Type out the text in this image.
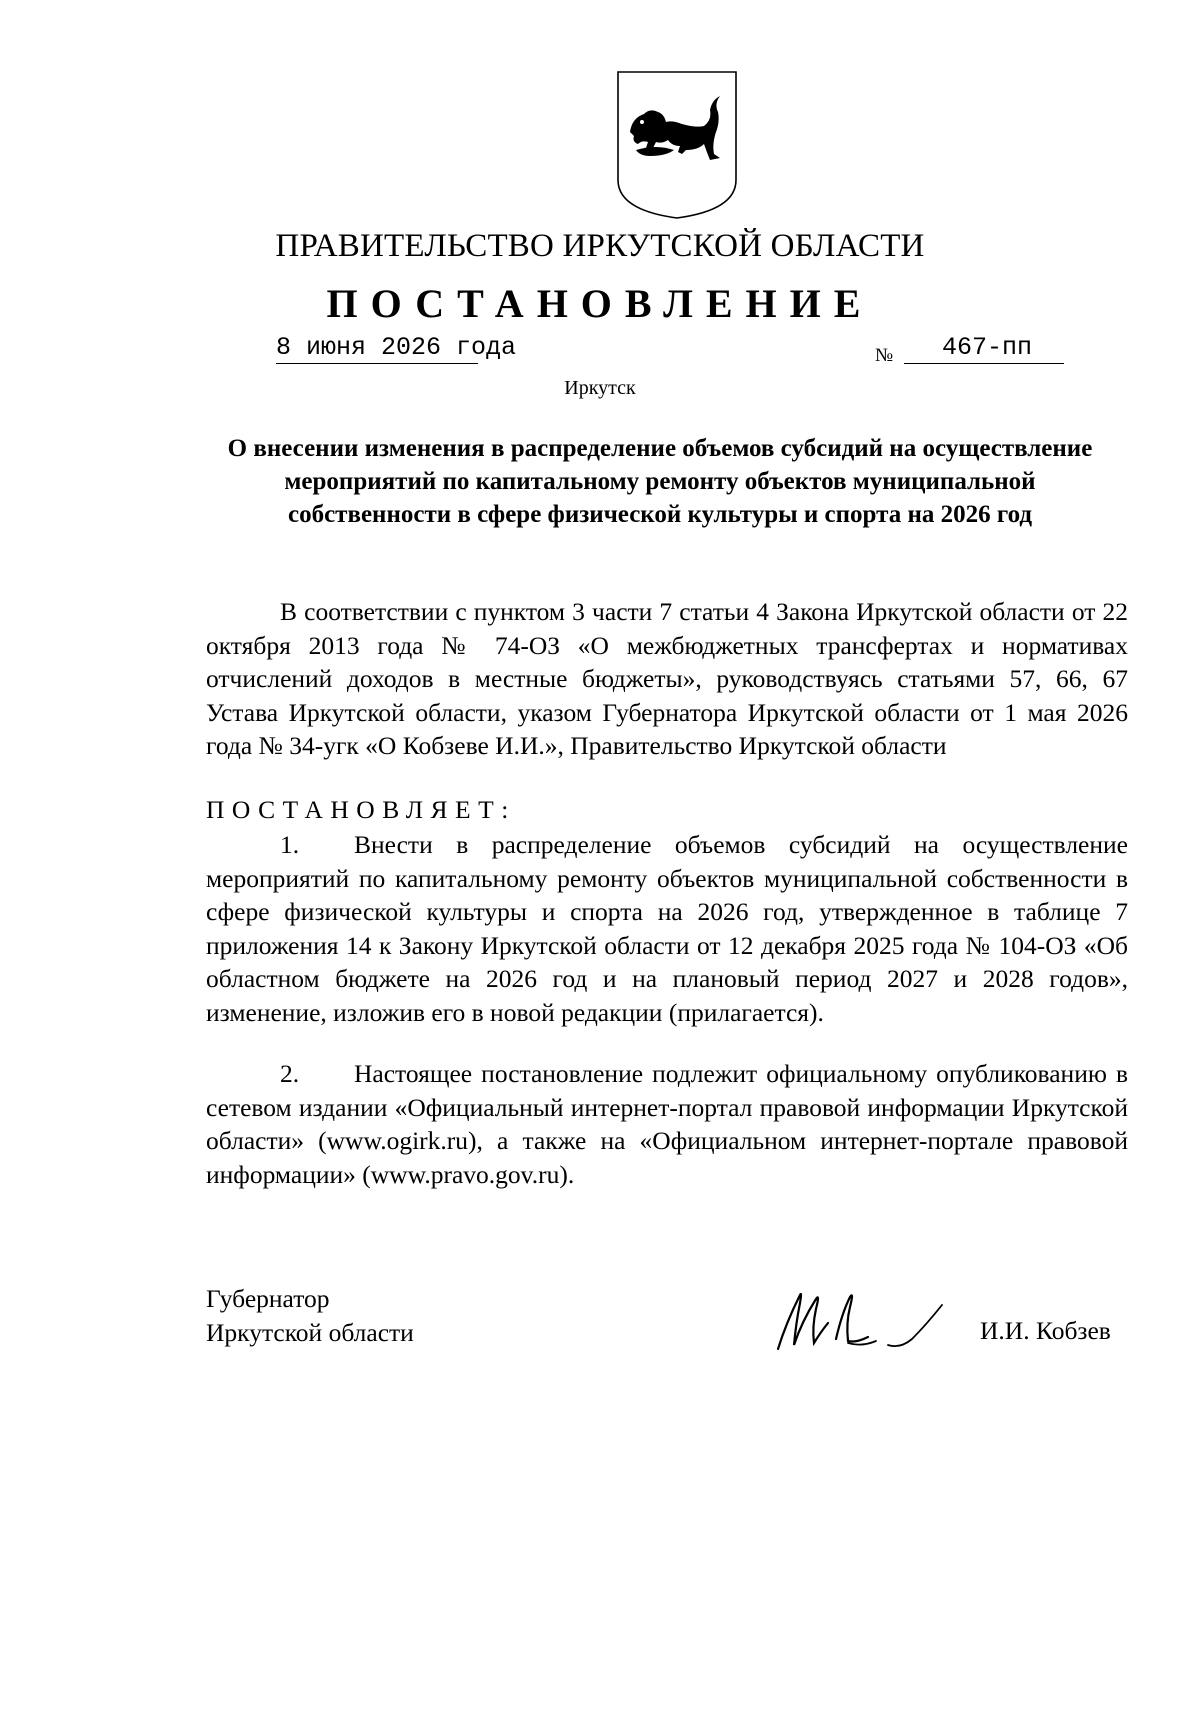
ПРАВИТЕЛЬСТВО ИРКУТСКОЙ ОБЛАСТИ
ПОСТАНОВЛЕНИЕ
8 июня 2026 года	№	467-пп
Иркутск
О внесении изменения в распределение объемов субсидий на осуществление мероприятий по капитальному ремонту объектов муниципальной собственности в сфере физической культуры и спорта на 2026 год

В соответствии с пунктом 3 части 7 статьи 4 Закона Иркутской области от 22 октября 2013 года № 74-ОЗ «О межбюджетных трансфертах и нормативах отчислений доходов в местные бюджеты», руководствуясь статьями 57, 66, 67 Устава Иркутской области, указом Губернатора Иркутской области от 1 мая 2026 года № 34-угк «О Кобзеве И.И.», Правительство Иркутской области

ПОСТАНОВЛЯЕТ:

1. Внести в распределение объемов субсидий на осуществление мероприятий по капитальному ремонту объектов муниципальной собственности в сфере физической культуры и спорта на 2026 год, утвержденное в таблице 7 приложения 14 к Закону Иркутской области от 12 декабря 2025 года № 104-ОЗ «Об областном бюджете на 2026 год и на плановый период 2027 и 2028 годов», изменение, изложив его в новой редакции (прилагается).

2. Настоящее постановление подлежит официальному опубликованию в сетевом издании «Официальный интернет-портал правовой информации Иркутской области» (www.ogirk.ru), а также на «Официальном интернет-портале правовой информации» (www.pravo.gov.ru).

Губернатор
Иркутской области	И.И. Кобзев
